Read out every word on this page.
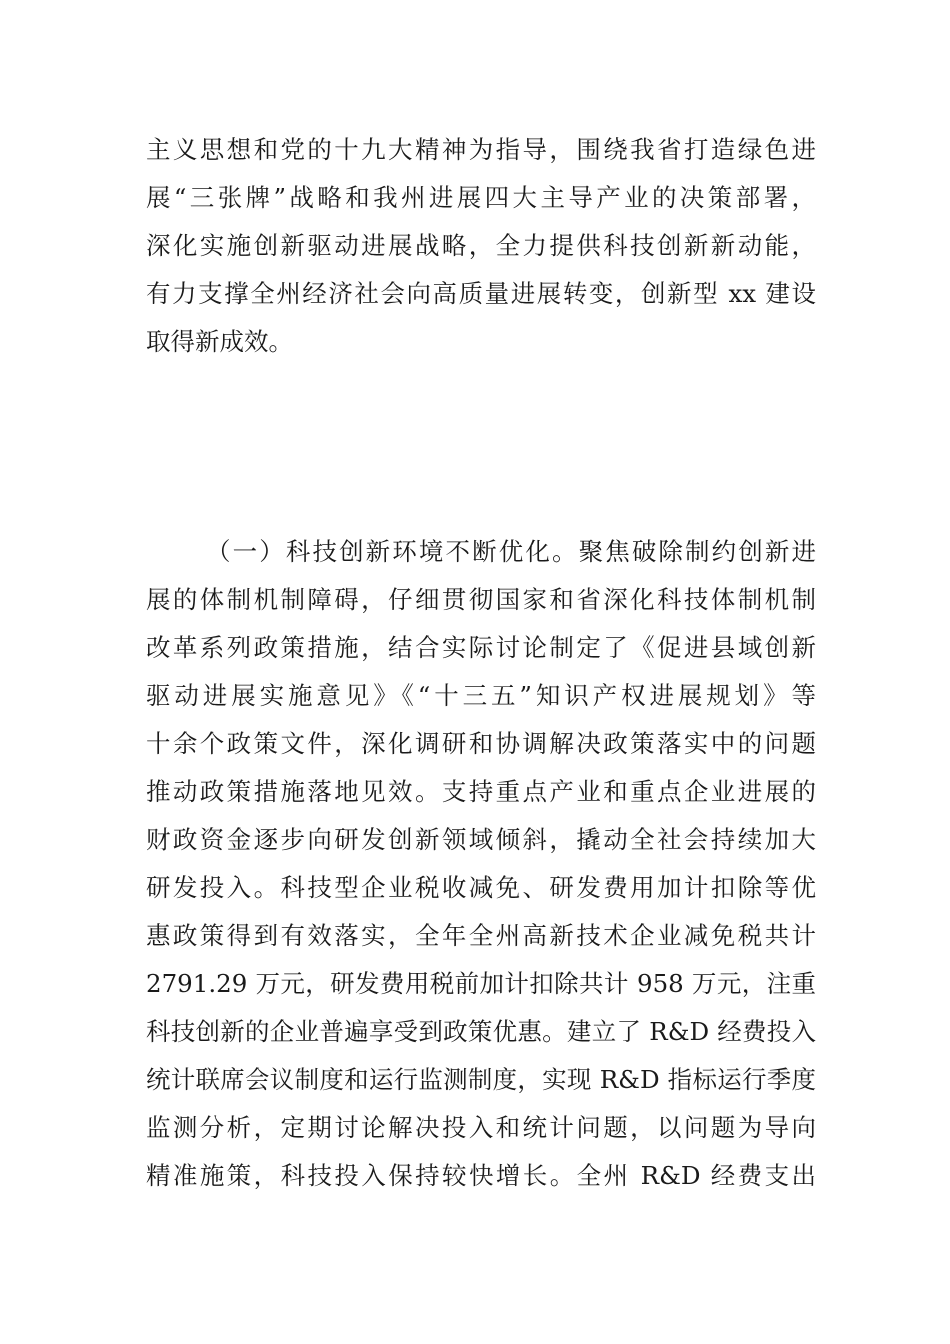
主义思想和党的十九大精神为指导，围绕我省打造绿色进
展“三张牌”战略和我州进展四大主导产业的决策部署，
深化实施创新驱动进展战略，全力提供科技创新新动能，
有力支撑全州经济社会向高质量进展转变，创新型 xx 建设
取得新成效。
（一）科技创新环境不断优化。聚焦破除制约创新进
展的体制机制障碍，仔细贯彻国家和省深化科技体制机制
改革系列政策措施，结合实际讨论制定了《促进县域创新
驱动进展实施意见》《“十三五”知识产权进展规划》等
十余个政策文件，深化调研和协调解决政策落实中的问题
推动政策措施落地见效。支持重点产业和重点企业进展的
财政资金逐步向研发创新领域倾斜，撬动全社会持续加大
研发投入。科技型企业税收减免、研发费用加计扣除等优
惠政策得到有效落实，全年全州高新技术企业减免税共计
2791.29 万元，研发费用税前加计扣除共计 958 万元，注重
科技创新的企业普遍享受到政策优惠。建立了 R&D 经费投入
统计联席会议制度和运行监测制度，实现 R&D 指标运行季度
监测分析，定期讨论解决投入和统计问题，以问题为导向
精准施策，科技投入保持较快增长。全州 R&D 经费支出
